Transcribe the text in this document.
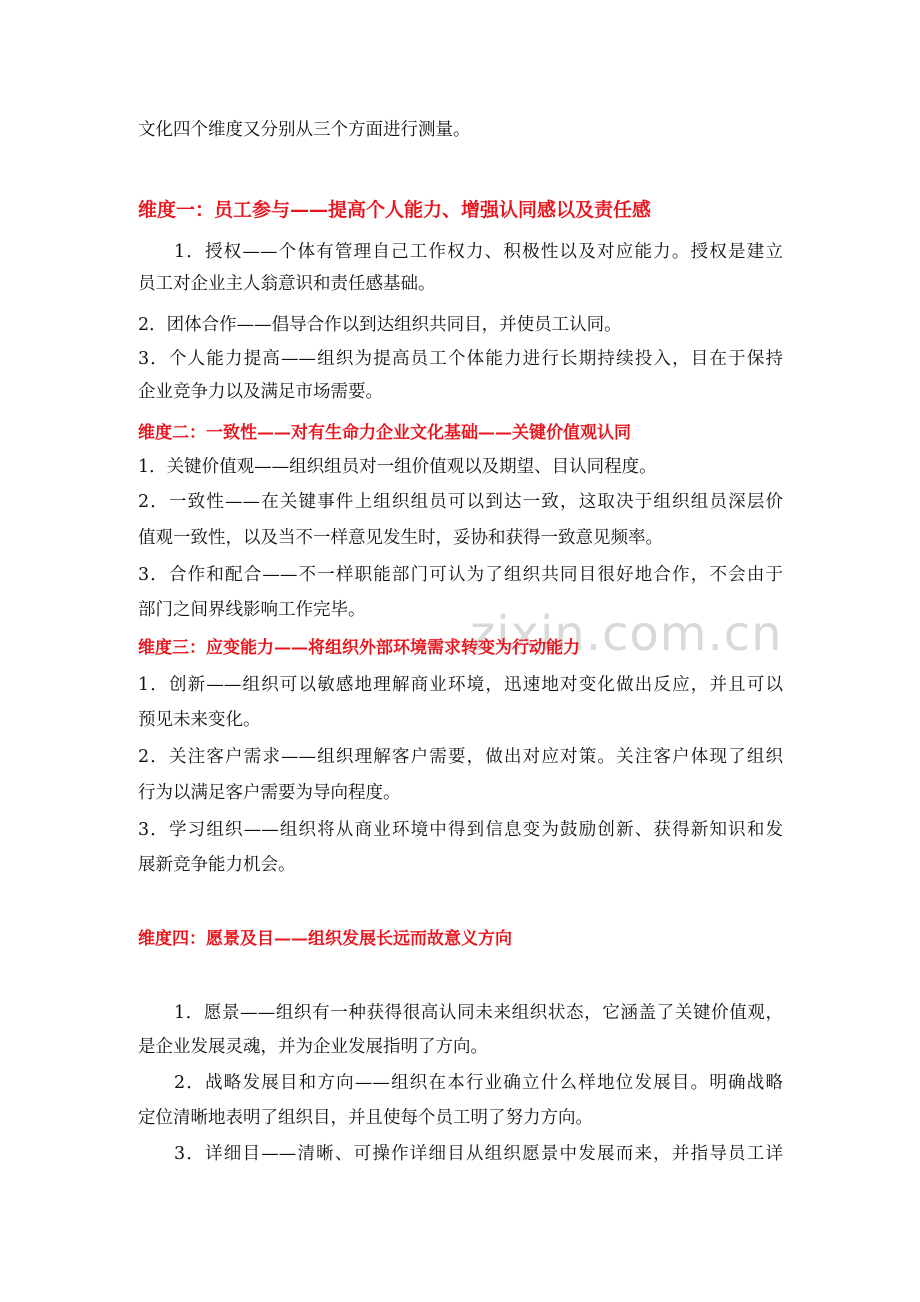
zixin.com.cn
文化四个维度又分别从三个方面进行测量。
维度一：员工参与——提高个人能力、增强认同感以及责任感
1．授权——个体有管理自己工作权力、积极性以及对应能力。授权是建立
员工对企业主人翁意识和责任感基础。
2．团体合作——倡导合作以到达组织共同目，并使员工认同。
3．个人能力提高——组织为提高员工个体能力进行长期持续投入，目在于保持
企业竞争力以及满足市场需要。
维度二：一致性——对有生命力企业文化基础——关键价值观认同
1．关键价值观——组织组员对一组价值观以及期望、目认同程度。
2．一致性——在关键事件上组织组员可以到达一致，这取决于组织组员深层价
值观一致性，以及当不一样意见发生时，妥协和获得一致意见频率。
3．合作和配合——不一样职能部门可认为了组织共同目很好地合作，不会由于
部门之间界线影响工作完毕。
维度三：应变能力——将组织外部环境需求转变为行动能力
1．创新——组织可以敏感地理解商业环境，迅速地对变化做出反应，并且可以
预见未来变化。
2．关注客户需求——组织理解客户需要，做出对应对策。关注客户体现了组织
行为以满足客户需要为导向程度。
3．学习组织——组织将从商业环境中得到信息变为鼓励创新、获得新知识和发
展新竞争能力机会。
维度四：愿景及目——组织发展长远而故意义方向
1．愿景——组织有一种获得很高认同未来组织状态，它涵盖了关键价值观，
是企业发展灵魂，并为企业发展指明了方向。
2．战略发展目和方向——组织在本行业确立什么样地位发展目。明确战略
定位清晰地表明了组织目，并且使每个员工明了努力方向。
3．详细目——清晰、可操作详细目从组织愿景中发展而来，并指导员工详
